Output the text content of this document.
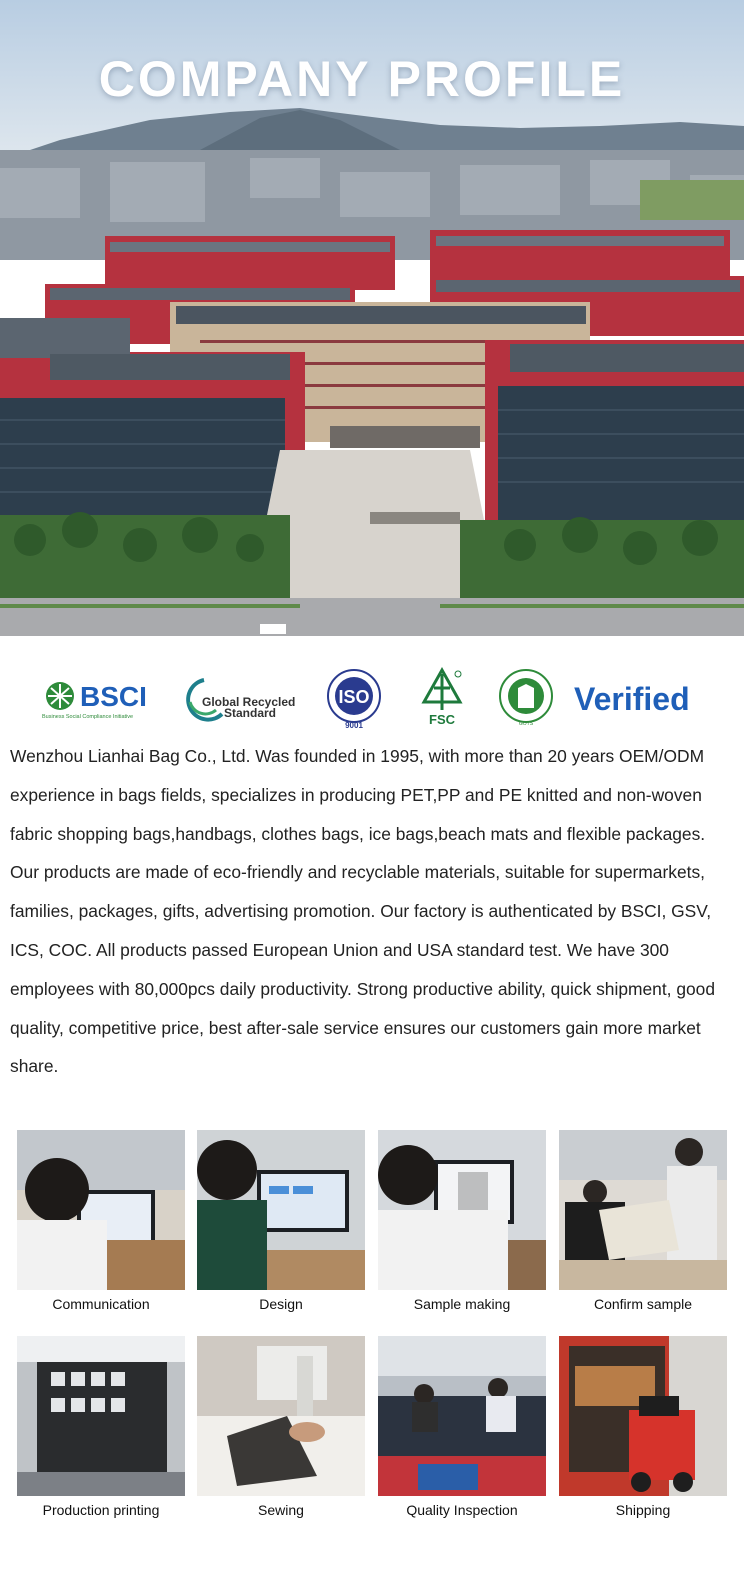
COMPANY PROFILE
BSCI
Business Social Compliance Initiative
Global Recycled
Standard
ISO
9001	FSC	GOTS
Verified

Wenzhou Lianhai Bag Co., Ltd. Was founded in 1995, with more than 20 years OEM/ODM experience in bags fields, specializes in producing PET,PP and PE knitted and non-woven fabric shopping bags,handbags, clothes bags, ice bags,beach mats and flexible packages. Our products are made of eco-friendly and recyclable materials, suitable for supermarkets, families, packages, gifts, advertising promotion. Our factory is authenticated by BSCI, GSV, ICS, COC. All products passed European Union and USA standard test. We have 300 employees with 80,000pcs daily productivity. Strong productive ability, quick shipment, good quality, competitive price, best after-sale service ensures our customers gain more market share.

Communication	Design	Sample making	Confirm sample
Production printing	Sewing	Quality Inspection	Shipping
